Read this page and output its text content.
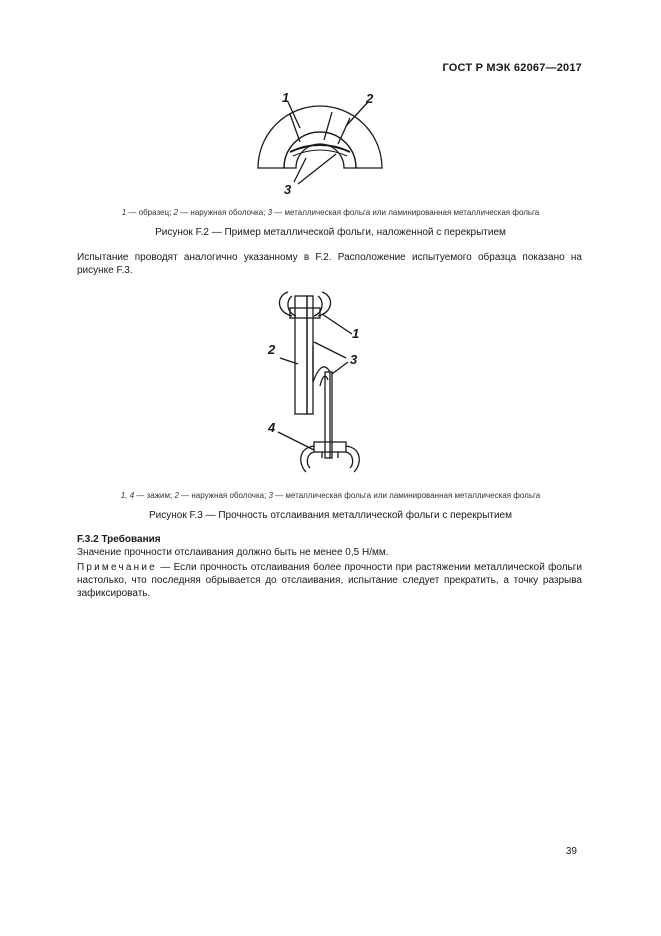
ГОСТ Р МЭК 62067—2017
1	2
3
1 — образец; 2 — наружная оболочка; 3 — металлическая фольга или ламинированная металлическая фольга
Рисунок F.2 — Пример металлической фольги, наложенной с перекрытием
Испытание проводят аналогично указанному в F.2. Расположение испытуемого образца показано на рисунке F.3.
1
2
3
4
1, 4 — зажим; 2 — наружная оболочка; 3 — металлическая фольга или ламинированная металлическая фольга
Рисунок F.3 — Прочность отслаивания металлической фольги с перекрытием
F.3.2 Требования
Значение прочности отслаивания должно быть не менее 0,5 Н/мм.
Примечание — Если прочность отслаивания более прочности при растяжении металлической фольги настолько, что последняя обрывается до отслаивания, испытание следует прекратить, а точку разрыва зафиксировать.
39
